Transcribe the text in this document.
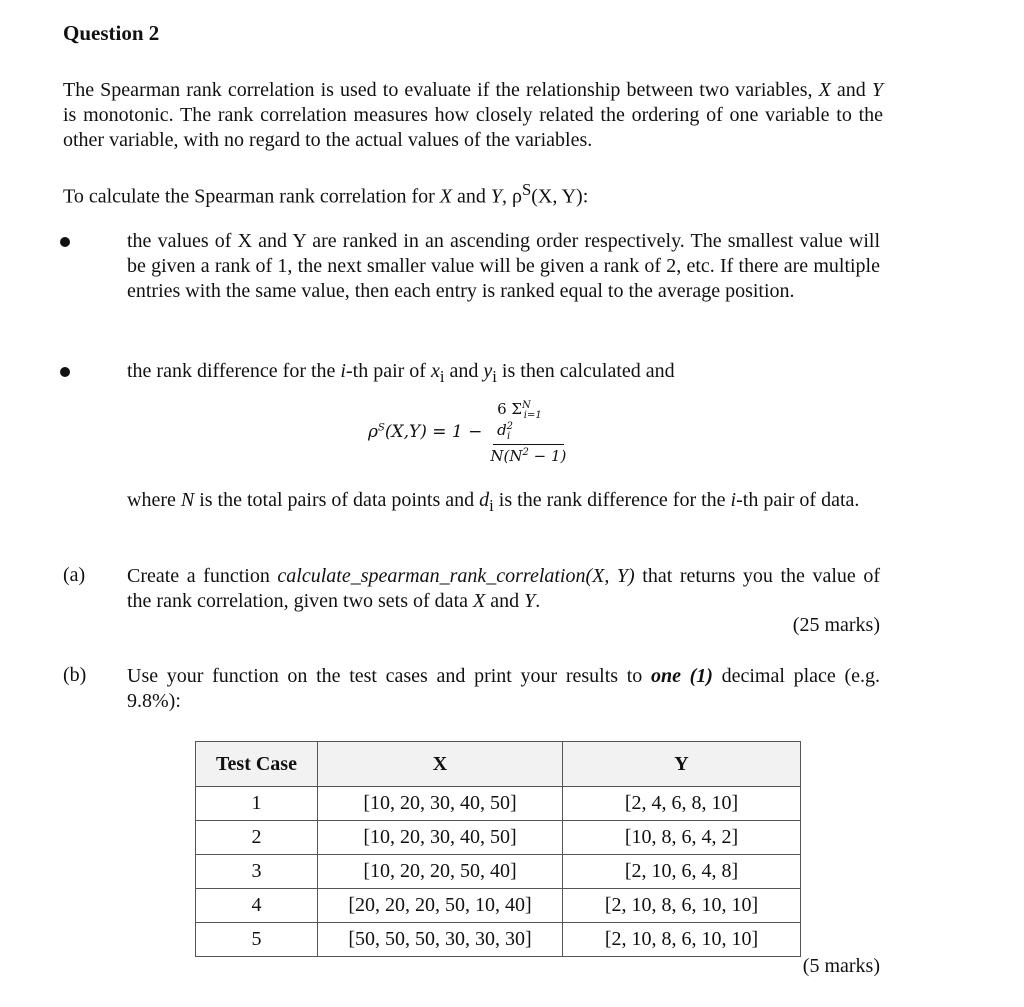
Question 2
The Spearman rank correlation is used to evaluate if the relationship between two variables, X and Y is monotonic. The rank correlation measures how closely related the ordering of one variable to the other variable, with no regard to the actual values of the variables.
To calculate the Spearman rank correlation for X and Y, $\rho^S(X$, Y):
the values of X and Y are ranked in an ascending order respectively. The smallest value will be given a rank of 1, the next smaller value will be given a rank of 2, etc. If there are multiple entries with the same value, then each entry is ranked equal to the average position.
the rank difference for the i-th pair of $x_i$ and $y_i$ is then calculated and
$\rho^S(X,Y) = 1 - \frac{6 \Sigma^N_{i=1} d^2_i}{N(N^2 - 1)}$
where N is the total pairs of data points and $d_i$ is the rank difference for the i-th pair of data.
(a) Create a function calculate_spearman_rank_correlation(X, Y) that returns you the value of the rank correlation, given two sets of data X and Y.
(25 marks)
(b) Use your function on the test cases and print your results to one (1) decimal place (e.g. 9.8%):
Test Case	X	Y
1	[10, 20, 30, 40, 50]	[2, 4, 6, 8, 10]
2	[10, 20, 30, 40, 50]	[10, 8, 6, 4, 2]
3	[10, 20, 20, 50, 40]	[2, 10, 6, 4, 8]
4	[20, 20, 20, 50, 10, 40]	[2, 10, 8, 6, 10, 10]
5	[50, 50, 50, 30, 30, 30]	[2, 10, 8, 6, 10, 10]
(5 marks)
